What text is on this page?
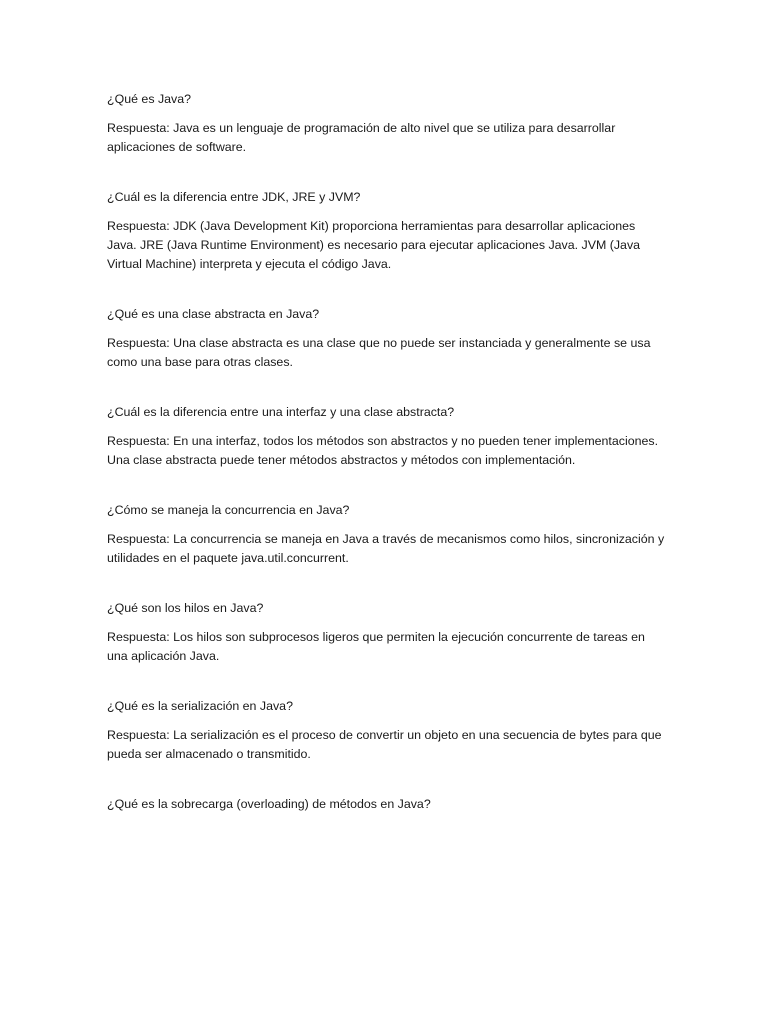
¿Qué es Java?

Respuesta: Java es un lenguaje de programación de alto nivel que se utiliza para desarrollar aplicaciones de software.

¿Cuál es la diferencia entre JDK, JRE y JVM?

Respuesta: JDK (Java Development Kit) proporciona herramientas para desarrollar aplicaciones Java. JRE (Java Runtime Environment) es necesario para ejecutar aplicaciones Java. JVM (Java Virtual Machine) interpreta y ejecuta el código Java.

¿Qué es una clase abstracta en Java?

Respuesta: Una clase abstracta es una clase que no puede ser instanciada y generalmente se usa como una base para otras clases.

¿Cuál es la diferencia entre una interfaz y una clase abstracta?

Respuesta: En una interfaz, todos los métodos son abstractos y no pueden tener implementaciones. Una clase abstracta puede tener métodos abstractos y métodos con implementación.

¿Cómo se maneja la concurrencia en Java?

Respuesta: La concurrencia se maneja en Java a través de mecanismos como hilos, sincronización y utilidades en el paquete java.util.concurrent.

¿Qué son los hilos en Java?

Respuesta: Los hilos son subprocesos ligeros que permiten la ejecución concurrente de tareas en una aplicación Java.

¿Qué es la serialización en Java?

Respuesta: La serialización es el proceso de convertir un objeto en una secuencia de bytes para que pueda ser almacenado o transmitido.

¿Qué es la sobrecarga (overloading) de métodos en Java?
